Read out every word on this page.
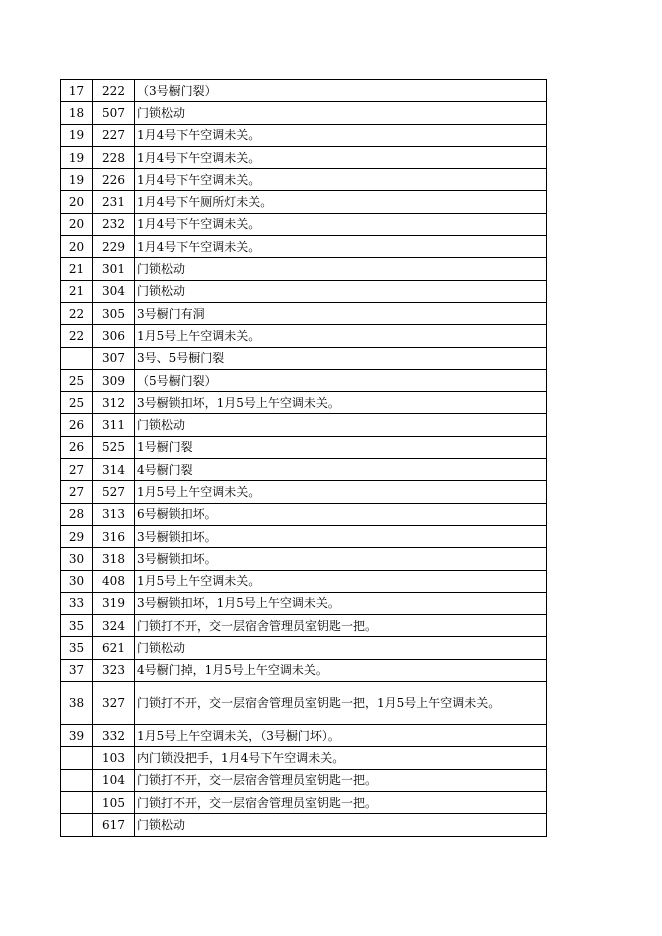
17	222	（3号橱门裂）
18	507	门锁松动
19	227	1月4号下午空调未关。
19	228	1月4号下午空调未关。
19	226	1月4号下午空调未关。
20	231	1月4号下午厕所灯未关。
20	232	1月4号下午空调未关。
20	229	1月4号下午空调未关。
21	301	门锁松动
21	304	门锁松动
22	305	3号橱门有洞
22	306	1月5号上午空调未关。
	307	3号、5号橱门裂
25	309	（5号橱门裂）
25	312	3号橱锁扣坏，1月5号上午空调未关。
26	311	门锁松动
26	525	1号橱门裂
27	314	4号橱门裂
27	527	1月5号上午空调未关。
28	313	6号橱锁扣坏。
29	316	3号橱锁扣坏。
30	318	3号橱锁扣坏。
30	408	1月5号上午空调未关。
33	319	3号橱锁扣坏，1月5号上午空调未关。
35	324	门锁打不开，交一层宿舍管理员室钥匙一把。
35	621	门锁松动
37	323	4号橱门掉，1月5号上午空调未关。
38	327	门锁打不开，交一层宿舍管理员室钥匙一把，1月5号上午空调未关。
39	332	1月5号上午空调未关，（3号橱门坏）。
	103	内门锁没把手，1月4号下午空调未关。
	104	门锁打不开，交一层宿舍管理员室钥匙一把。
	105	门锁打不开，交一层宿舍管理员室钥匙一把。
	617	门锁松动
